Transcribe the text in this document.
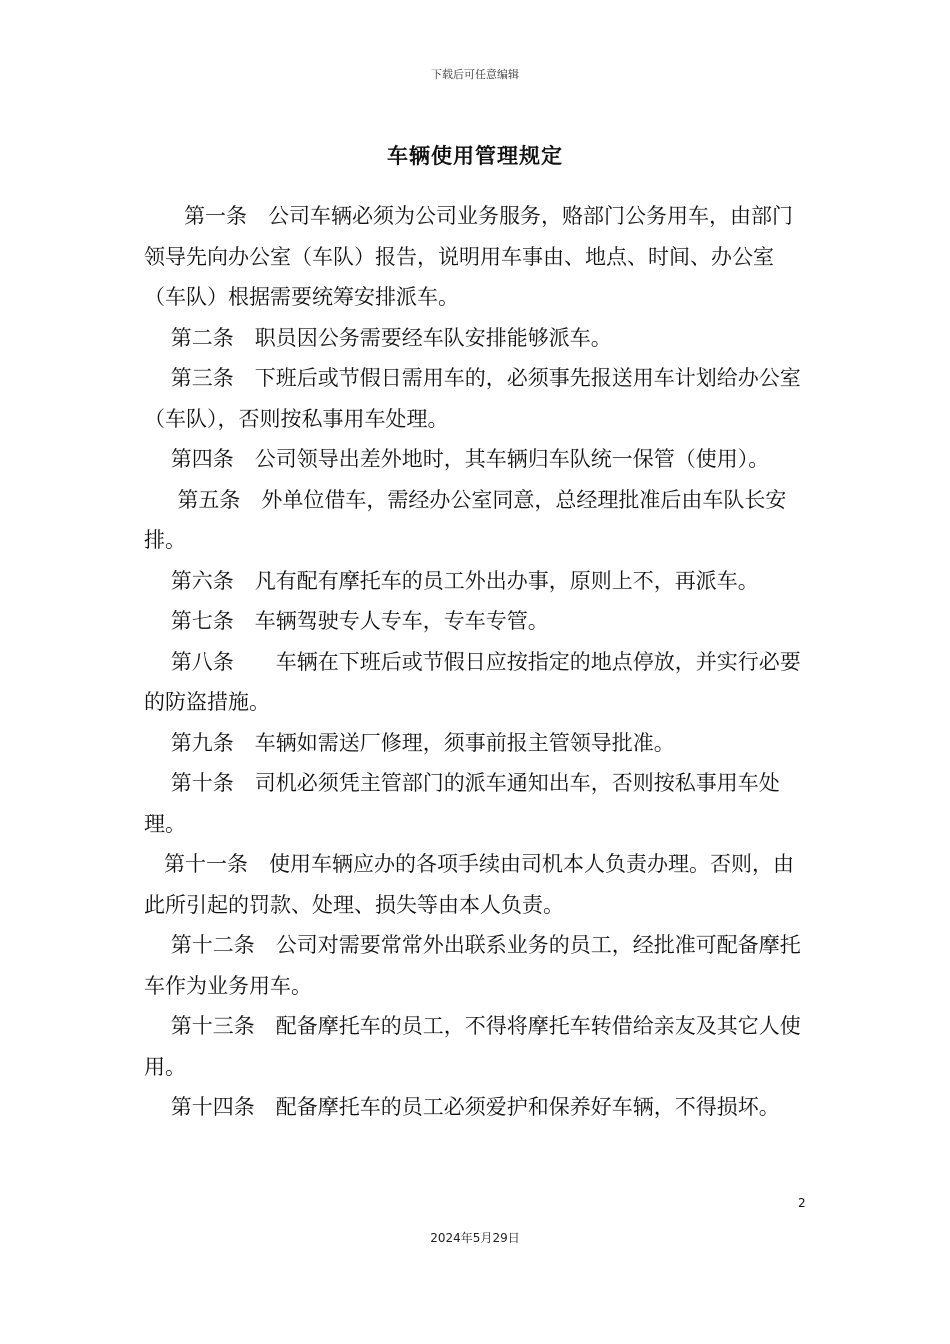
下载后可任意编辑
车辆使用管理规定

第一条　公司车辆必须为公司业务服务，赂部门公务用车，由部门领导先向办公室（车队）报告，说明用车事由、地点、时间、办公室（车队）根据需要统筹安排派车。

第二条　职员因公务需要经车队安排能够派车。

第三条　下班后或节假日需用车的，必须事先报送用车计划给办公室（车队），否则按私事用车处理。

第四条　公司领导出差外地时，其车辆归车队统一保管（使用）。

第五条　外单位借车，需经办公室同意，总经理批准后由车队长安排。

第六条　凡有配有摩托车的员工外出办事，原则上不，再派车。

第七条　车辆驾驶专人专车，专车专管。

第八条　　车辆在下班后或节假日应按指定的地点停放，并实行必要的防盗措施。

第九条　车辆如需送厂修理，须事前报主管领导批准。

第十条　司机必须凭主管部门的派车通知出车，否则按私事用车处理。

第十一条　使用车辆应办的各项手续由司机本人负责办理。否则，由此所引起的罚款、处理、损失等由本人负责。

第十二条　公司对需要常常外出联系业务的员工，经批准可配备摩托车作为业务用车。

第十三条　配备摩托车的员工，不得将摩托车转借给亲友及其它人使用。

第十四条　配备摩托车的员工必须爱护和保养好车辆，不得损坏。

2
2024年5月29日
